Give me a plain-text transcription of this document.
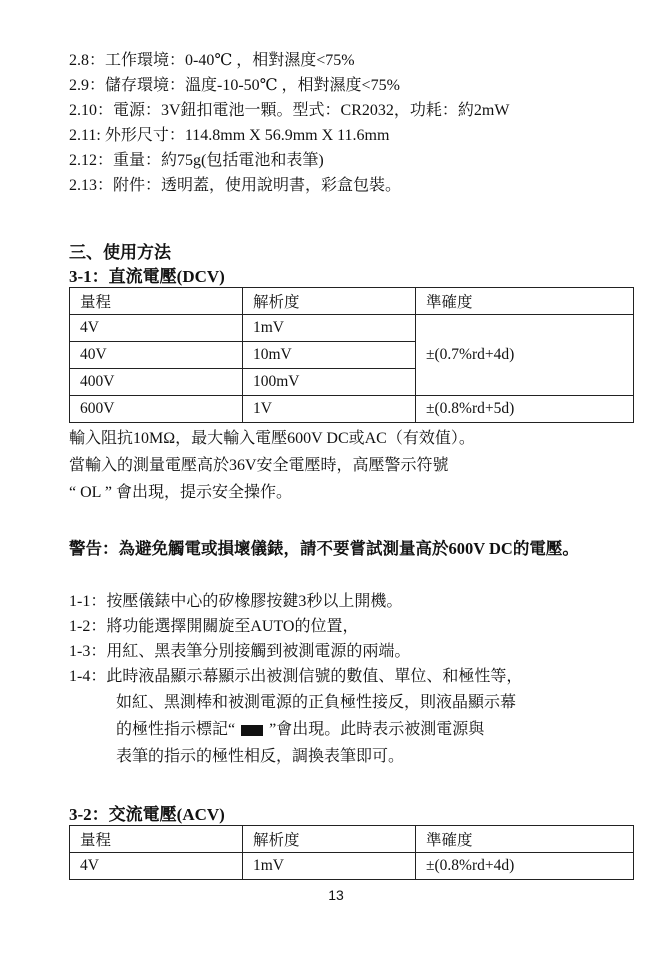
2.8：工作環境：0-40℃ ，相對濕度<75%
2.9：儲存環境：溫度-10-50℃ ，相對濕度<75%
2.10：電源：3V鈕扣電池一顆。型式：CR2032，功耗：約2mW
2.11: 外形尺寸：114.8mm X 56.9mm X 11.6mm
2.12：重量：約75g(包括電池和表筆)
2.13：附件：透明蓋，使用說明書，彩盒包裝。
三、使用方法
3-1：直流電壓(DCV)
量程	解析度	準確度
4V	1mV	±(0.7%rd+4d)
40V	10mV	
400V	100mV	
600V	1V	±(0.8%rd+5d)
輸入阻抗10MΩ，最大輸入電壓600V DC或AC（有效值）。
當輸入的測量電壓高於36V安全電壓時，高壓警示符號
“ OL ” 會出現，提示安全操作。
警告：為避免觸電或損壞儀錶，請不要嘗試測量高於600V DC的電壓。
1-1：按壓儀錶中心的矽橡膠按鍵3秒以上開機。
1-2：將功能選擇開關旋至AUTO的位置，
1-3：用紅、黑表筆分別接觸到被測電源的兩端。
1-4：此時液晶顯示幕顯示出被測信號的數值、單位、和極性等，
如紅、黑測棒和被測電源的正負極性接反，則液晶顯示幕
的極性指示標記“ ”會出現。此時表示被測電源與
表筆的指示的極性相反，調換表筆即可。
3-2：交流電壓(ACV)
量程	解析度	準確度
4V	1mV	±(0.8%rd+4d)
13
